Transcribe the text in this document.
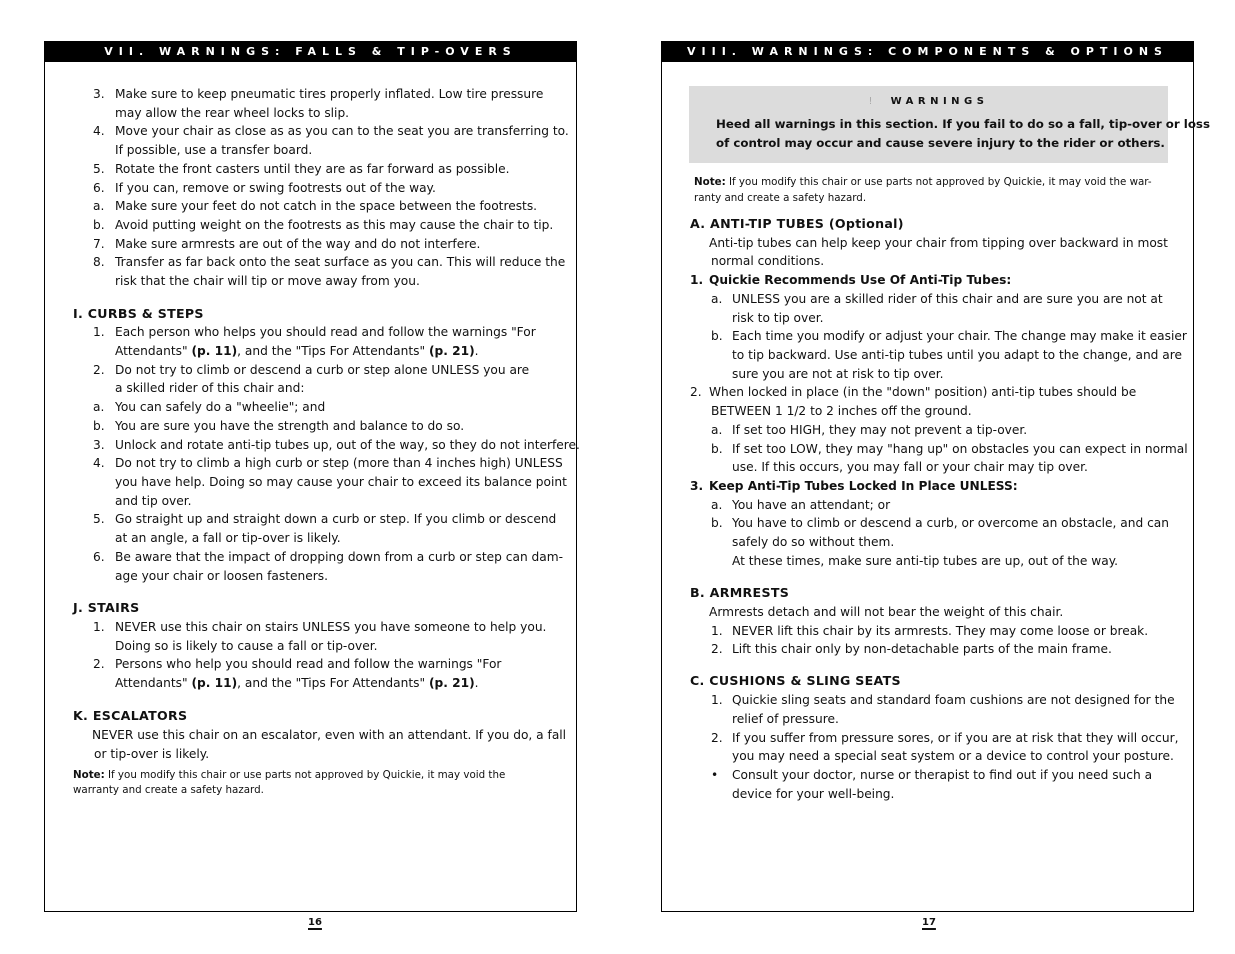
VII. WARNINGS: FALLS & TIP-OVERS
3. Make sure to keep pneumatic tires properly inflated. Low tire pressure
may allow the rear wheel locks to slip.
4. Move your chair as close as as you can to the seat you are transferring to.
If possible, use a transfer board.
5. Rotate the front casters until they are as far forward as possible.
6. If you can, remove or swing footrests out of the way.
a. Make sure your feet do not catch in the space between the footrests.
b. Avoid putting weight on the footrests as this may cause the chair to tip.
7. Make sure armrests are out of the way and do not interfere.
8. Transfer as far back onto the seat surface as you can. This will reduce the
risk that the chair will tip or move away from you.
I. CURBS & STEPS
1. Each person who helps you should read and follow the warnings "For
Attendants" (p. 11), and the "Tips For Attendants" (p. 21).
2. Do not try to climb or descend a curb or step alone UNLESS you are
a skilled rider of this chair and:
a. You can safely do a "wheelie"; and
b. You are sure you have the strength and balance to do so.
3. Unlock and rotate anti-tip tubes up, out of the way, so they do not interfere.
4. Do not try to climb a high curb or step (more than 4 inches high) UNLESS
you have help. Doing so may cause your chair to exceed its balance point
and tip over.
5. Go straight up and straight down a curb or step. If you climb or descend
at an angle, a fall or tip-over is likely.
6. Be aware that the impact of dropping down from a curb or step can dam-
age your chair or loosen fasteners.
J. STAIRS
1. NEVER use this chair on stairs UNLESS you have someone to help you.
Doing so is likely to cause a fall or tip-over.
2. Persons who help you should read and follow the warnings "For
Attendants" (p. 11), and the "Tips For Attendants" (p. 21).
K. ESCALATORS
NEVER use this chair on an escalator, even with an attendant. If you do, a fall
or tip-over is likely.
Note: If you modify this chair or use parts not approved by Quickie, it may void the
warranty and create a safety hazard.
16
VIII. WARNINGS: COMPONENTS & OPTIONS
! WARNINGS
Heed all warnings in this section. If you fail to do so a fall, tip-over or loss
of control may occur and cause severe injury to the rider or others.
Note: If you modify this chair or use parts not approved by Quickie, it may void the war-
ranty and create a safety hazard.
A. ANTI-TIP TUBES (Optional)
Anti-tip tubes can help keep your chair from tipping over backward in most
normal conditions.
1. Quickie Recommends Use Of Anti-Tip Tubes:
a. UNLESS you are a skilled rider of this chair and are sure you are not at
risk to tip over.
b. Each time you modify or adjust your chair. The change may make it easier
to tip backward. Use anti-tip tubes until you adapt to the change, and are
sure you are not at risk to tip over.
2. When locked in place (in the "down" position) anti-tip tubes should be
BETWEEN 1 1/2 to 2 inches off the ground.
a. If set too HIGH, they may not prevent a tip-over.
b. If set too LOW, they may "hang up" on obstacles you can expect in normal
use. If this occurs, you may fall or your chair may tip over.
3. Keep Anti-Tip Tubes Locked In Place UNLESS:
a. You have an attendant; or
b. You have to climb or descend a curb, or overcome an obstacle, and can
safely do so without them.
At these times, make sure anti-tip tubes are up, out of the way.
B. ARMRESTS
Armrests detach and will not bear the weight of this chair.
1. NEVER lift this chair by its armrests. They may come loose or break.
2. Lift this chair only by non-detachable parts of the main frame.
C. CUSHIONS & SLING SEATS
1. Quickie sling seats and standard foam cushions are not designed for the
relief of pressure.
2. If you suffer from pressure sores, or if you are at risk that they will occur,
you may need a special seat system or a device to control your posture.
• Consult your doctor, nurse or therapist to find out if you need such a
device for your well-being.
17
